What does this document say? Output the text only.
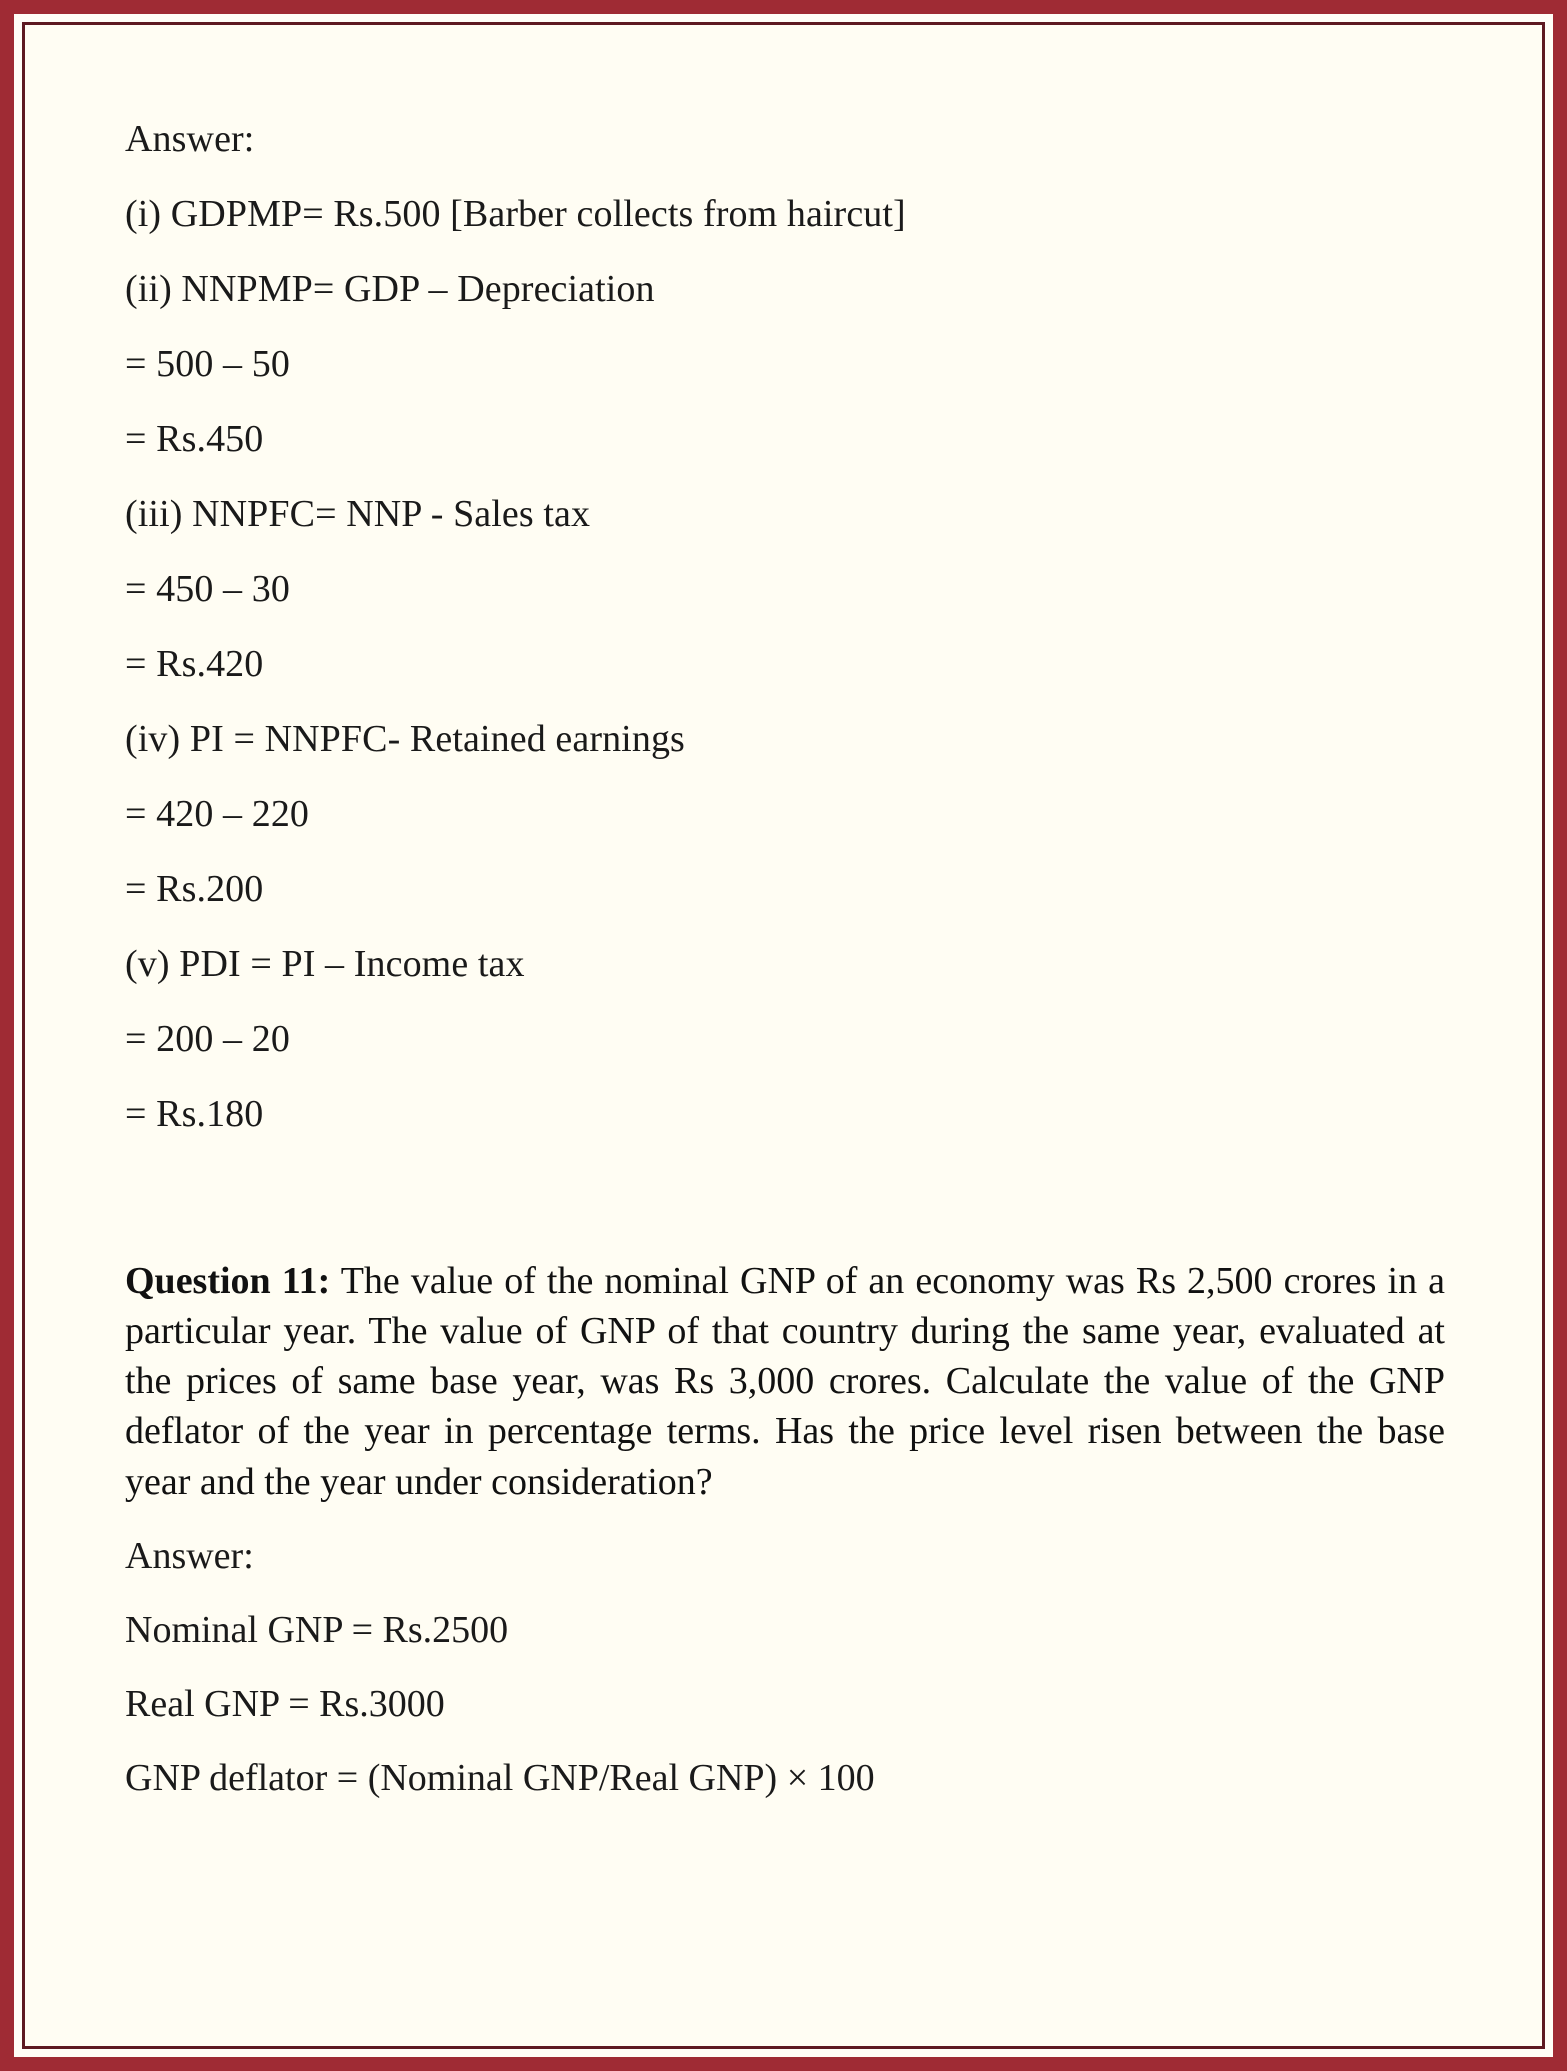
Answer:
(i) GDPMP= Rs.500 [Barber collects from haircut]
(ii) NNPMP= GDP – Depreciation
= 500 – 50
= Rs.450
(iii) NNPFC= NNP - Sales tax
= 450 – 30
= Rs.420
(iv) PI = NNPFC- Retained earnings
= 420 – 220
= Rs.200
(v) PDI = PI – Income tax
= 200 – 20
= Rs.180

Question 11: The value of the nominal GNP of an economy was Rs 2,500 crores in a particular year. The value of GNP of that country during the same year, evaluated at the prices of same base year, was Rs 3,000 crores. Calculate the value of the GNP deflator of the year in percentage terms. Has the price level risen between the base year and the year under consideration?

Answer:
Nominal GNP = Rs.2500
Real GNP = Rs.3000
GNP deflator = (Nominal GNP/Real GNP) × 100
